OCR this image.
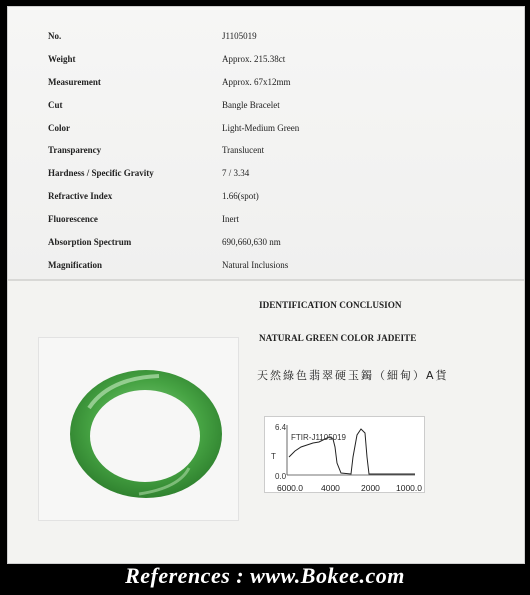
No.	J1105019
Weight	Approx. 215.38ct
Measurement	Approx. 67x12mm
Cut	Bangle Bracelet
Color	Light-Medium Green
Transparency	Translucent
Hardness / Specific Gravity	7 / 3.34
Refractive Index	1.66(spot)
Fluorescence	Inert
Absorption Spectrum	690,660,630 nm
Magnification	Natural Inclusions
IDENTIFICATION CONCLUSION
NATURAL GREEN COLOR JADEITE
天然綠色翡翠硬玉鐲（細甸）A貨
6.4
T
0.0
FTIR-J1105019
6000.0 4000 2000 1000.0
References : www.Bokee.com
